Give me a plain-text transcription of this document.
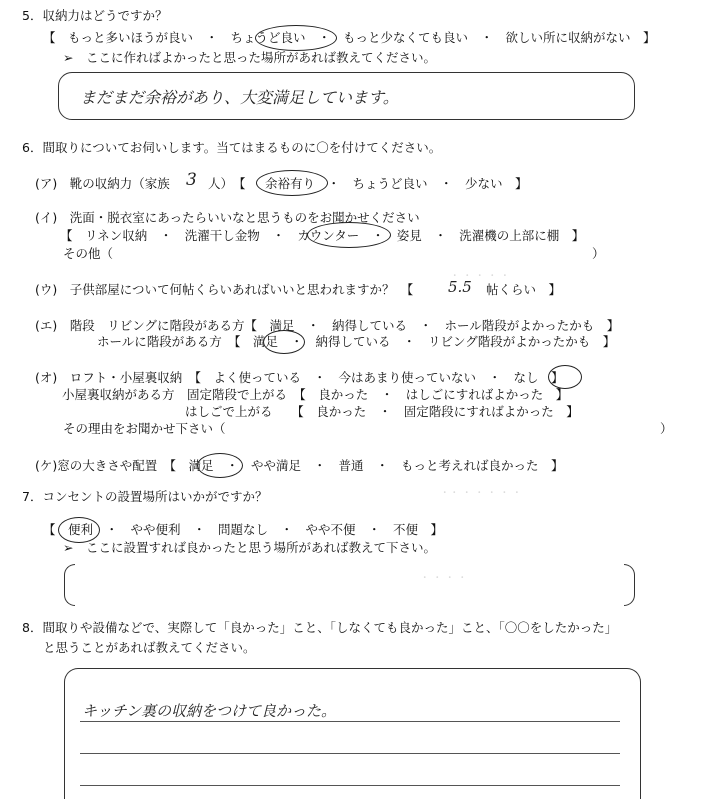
・ ・ ・ ・ ・
・・ ・ ・ ・ ・ ・
・ ・ ・ ・
5．収納力はどうですか？
【　もっと多いほうが良い　・　ちょうど良い　・　もっと少なくても良い　・　欲しい所に収納がない　】
➢　ここに作ればよかったと思った場所があれば教えてください。
まだまだ余裕があり、大変満足しています。
6．間取りについてお伺いします。当てはまるものに〇を付けてください。
(ア)　靴の収納力（家族 3 人）　【 余裕有り　・　ちょうど良い　・　少ない　】
(イ)　洗面・脱衣室にあったらいいなと思うものをお聞かせください
【　リネン収納　・　洗濯干し金物　・　カウンター　・　姿見　・　洗濯機の上部に棚　】
その他（	）
(ウ)　子供部屋について何帖くらいあればいいと思われますか？　【 5.5 帖くらい　】
(エ)　階段　リビングに階段がある方【　満足　・　納得している　・　ホール階段がよかったかも　】
ホールに階段がある方　【　満足　・　納得している　・　リビング階段がよかったかも　】
(オ)　ロフト・小屋裏収納　【　よく使っている　・　今はあまり使っていない　・　なし　】
小屋裏収納がある方　固定階段で上がる　【　良かった　・　はしごにすればよかった　】
はしごで上がる　　【　良かった　・　固定階段にすればよかった　】
その理由をお聞かせ下さい（	）
(ケ)窓の大きさや配置　【　満足　・　やや満足　・　普通　・　もっと考えれば良かった　】
7．コンセントの設置場所はいかがですか？
【　便利　・　やや便利　・　問題なし　・　やや不便　・　不便　】
➢　ここに設置すれば良かったと思う場所があれば教えて下さい。
8．間取りや設備などで、実際して「良かった」こと、「しなくても良かった」こと、「〇〇をしたかった」
と思うことがあれば教えてください。
キッチン裏の収納をつけて良かった。
